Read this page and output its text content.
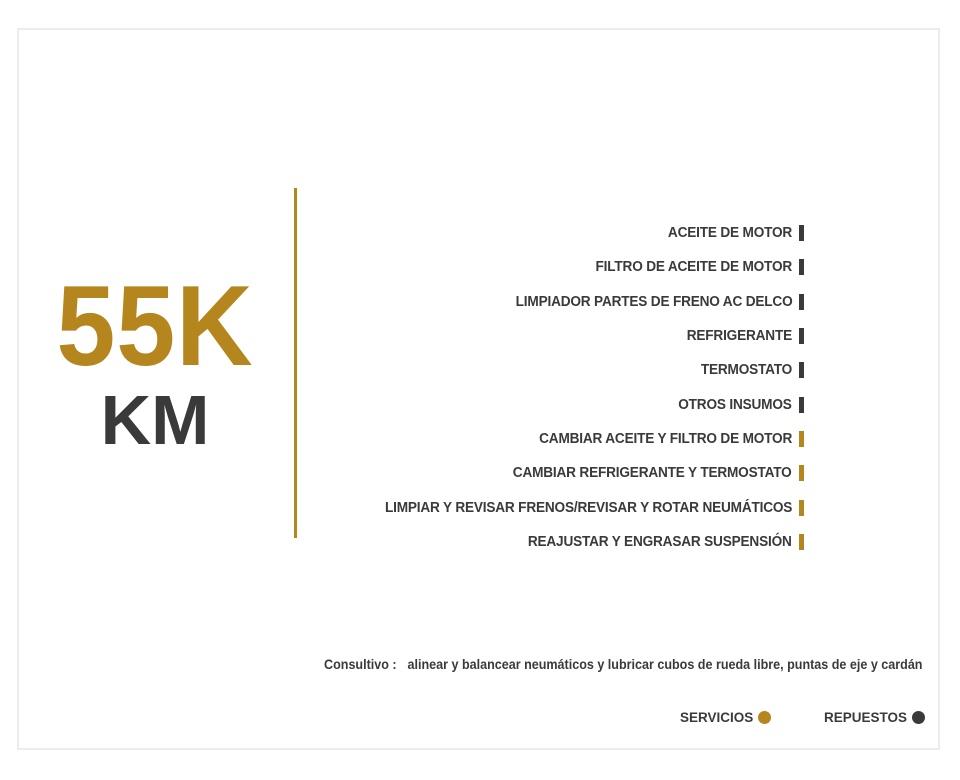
55K
KM
ACEITE DE MOTOR
FILTRO DE ACEITE DE MOTOR
LIMPIADOR PARTES DE FRENO AC DELCO
REFRIGERANTE
TERMOSTATO
OTROS INSUMOS
CAMBIAR ACEITE Y FILTRO DE MOTOR
CAMBIAR REFRIGERANTE Y TERMOSTATO
LIMPIAR Y REVISAR FRENOS/REVISAR Y ROTAR NEUMÁTICOS
REAJUSTAR Y ENGRASAR SUSPENSIÓN
Consultivo : alinear y balancear neumáticos y lubricar cubos de rueda libre, puntas de eje y cardán
SERVICIOS	REPUESTOS
